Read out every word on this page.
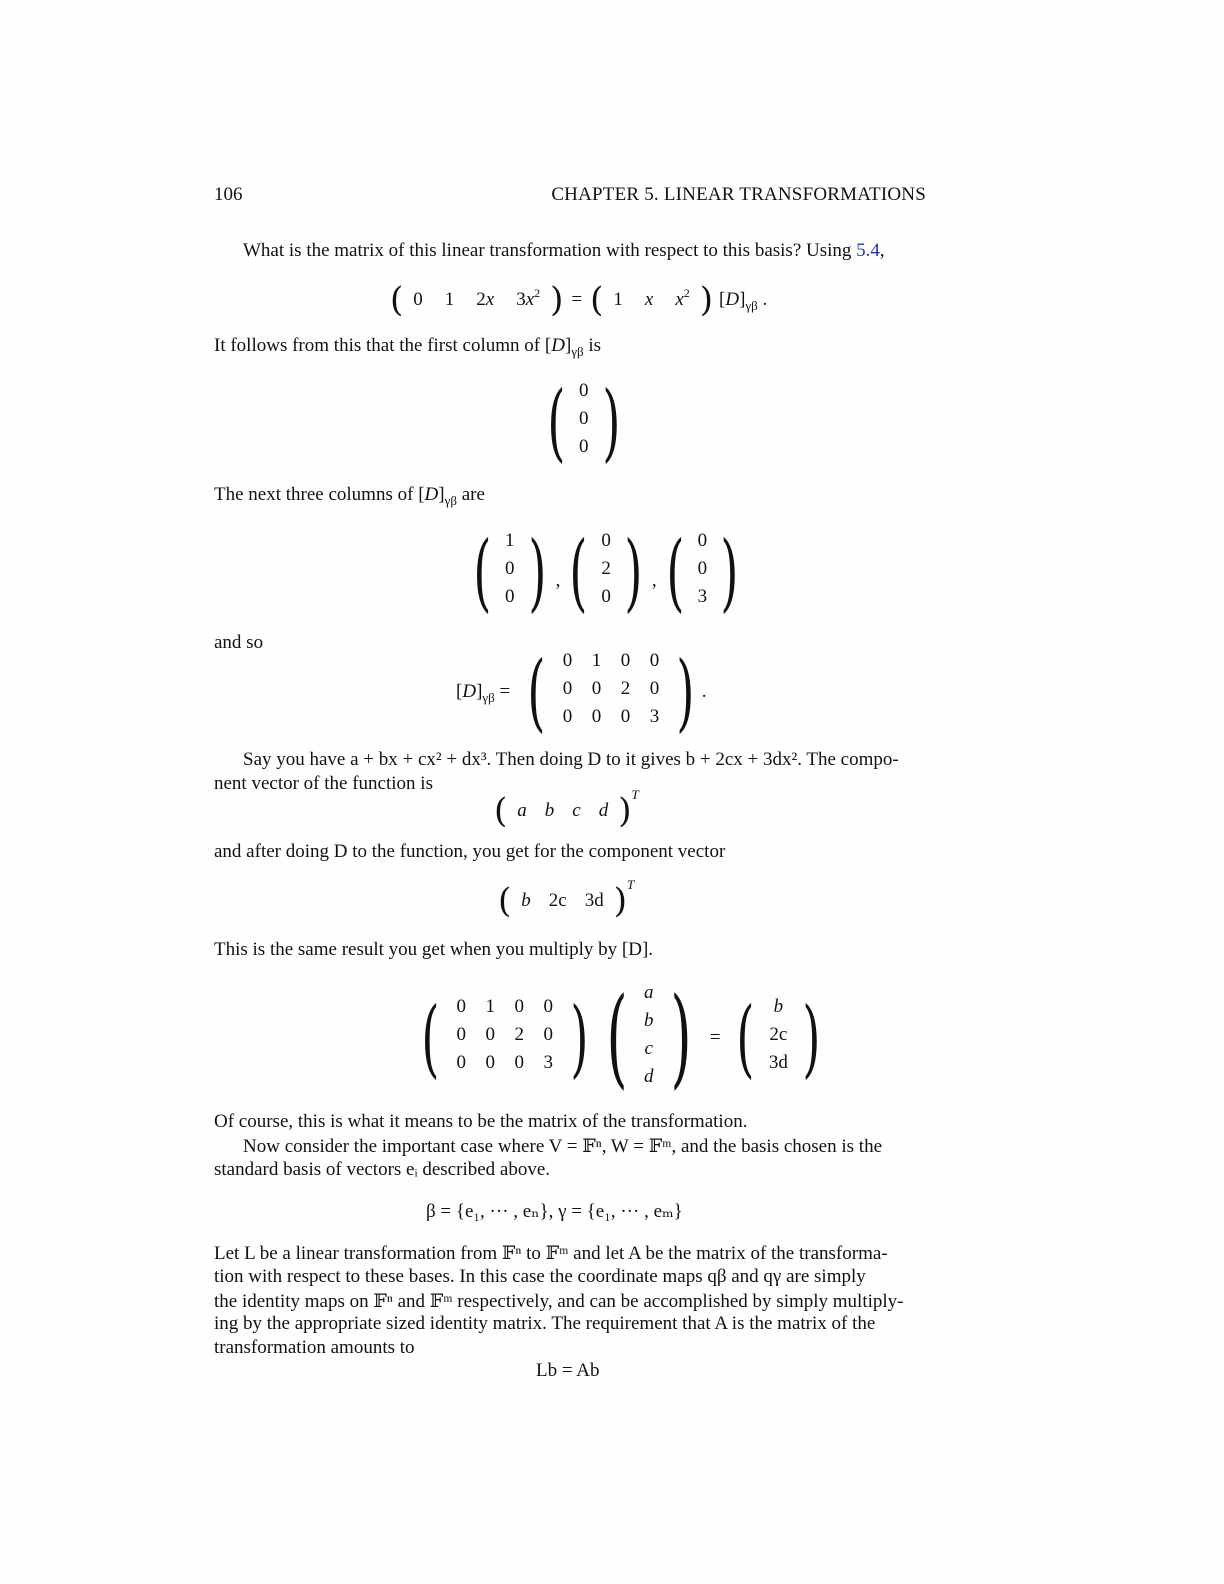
106	CHAPTER 5. LINEAR TRANSFORMATIONS
What is the matrix of this linear transformation with respect to this basis? Using 5.4,
( 0 1 2x $3x^2$ ) = ( 1 x $x^2$ ) $[D]_{\gamma\beta}$ .
It follows from this that the first column of $[D]_{\gamma\beta}$ is
( 0
0
0 )
The next three columns of $[D]_{\gamma\beta}$ are
( 1
0
0 ) , ( 0
2
0 ) , ( 0
0
3 )
and so
$[D]_{\gamma\beta}$ = ( 0	1	0	0
0	0	2	0
0	0	0	3 ) .
Say you have a + bx + cx² + dx³. Then doing D to it gives b + 2cx + 3dx². The compo-
nent vector of the function is
( a b c d ) T
and after doing D to the function, you get for the component vector
( b 2c 3d ) T
This is the same result you get when you multiply by [D].
( 0	1	0	0
0	0	2	0
0	0	0	3 ) ( a
b
c
d ) = (	b
2c
3d )
Of course, this is what it means to be the matrix of the transformation.
Now consider the important case where V = 𝔽ⁿ, W = 𝔽ᵐ, and the basis chosen is the
standard basis of vectors eᵢ described above.
β = {e₁, ··· , eₙ}, γ = {e₁, ··· , eₘ}
Let L be a linear transformation from 𝔽ⁿ to 𝔽ᵐ and let A be the matrix of the transforma-
tion with respect to these bases. In this case the coordinate maps qβ and qγ are simply
the identity maps on 𝔽ⁿ and 𝔽ᵐ respectively, and can be accomplished by simply multiply-
ing by the appropriate sized identity matrix. The requirement that A is the matrix of the
transformation amounts to
Lb = Ab
